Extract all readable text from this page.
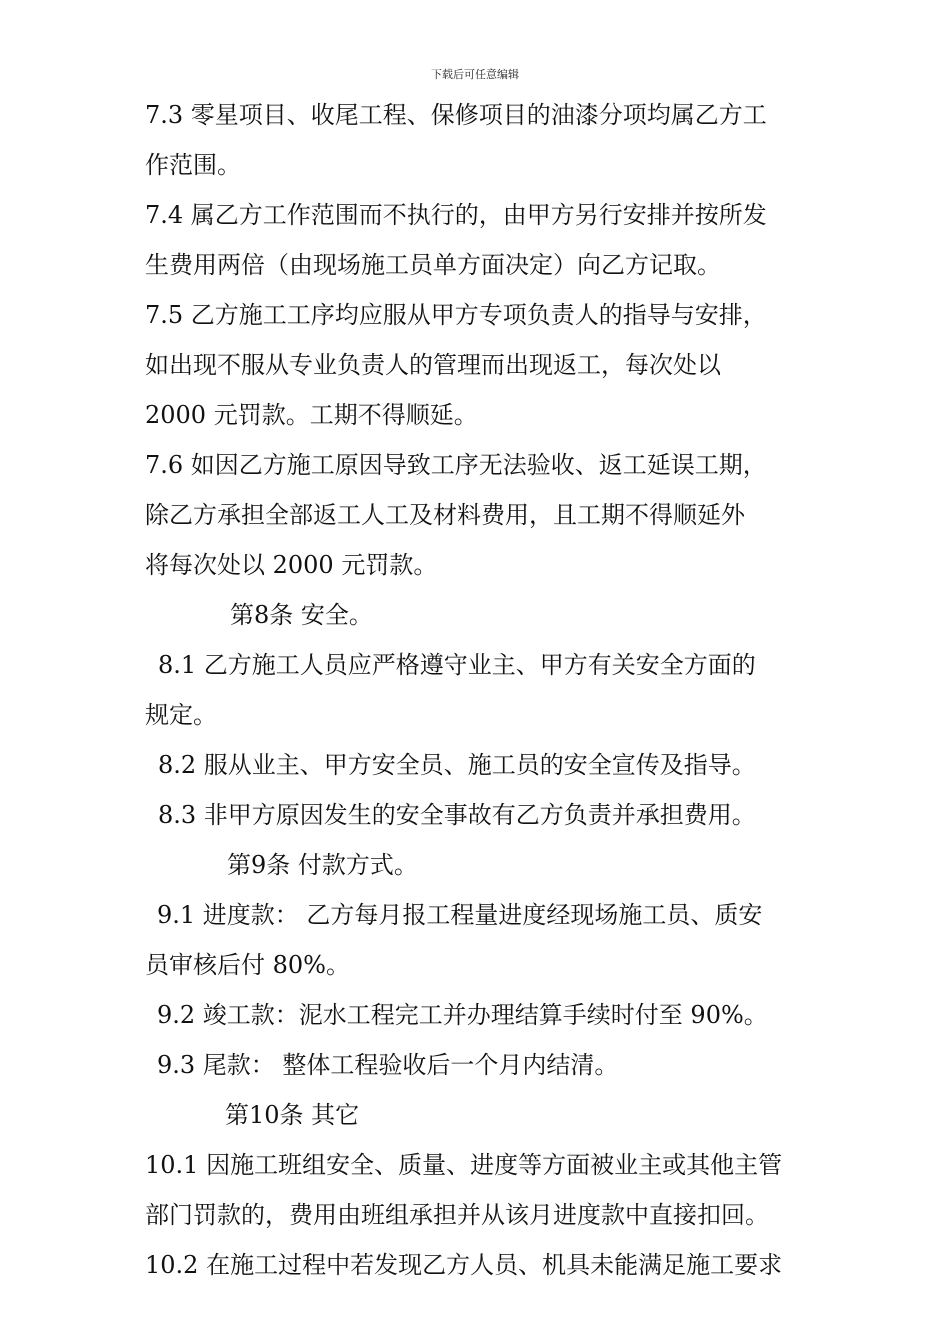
下载后可任意编辑
7.3 零星项目、收尾工程、保修项目的油漆分项均属乙方工
作范围。
7.4 属乙方工作范围而不执行的，由甲方另行安排并按所发
生费用两倍（由现场施工员单方面决定）向乙方记取。
7.5 乙方施工工序均应服从甲方专项负责人的指导与安排，
如出现不服从专业负责人的管理而出现返工，每次处以
2000 元罚款。工期不得顺延。
7.6 如因乙方施工原因导致工序无法验收、返工延误工期，
除乙方承担全部返工人工及材料费用，且工期不得顺延外
将每次处以 2000 元罚款。
第8条 安全。
8.1 乙方施工人员应严格遵守业主、甲方有关安全方面的
规定。
8.2 服从业主、甲方安全员、施工员的安全宣传及指导。
8.3 非甲方原因发生的安全事故有乙方负责并承担费用。
第9条 付款方式。
9.1 进度款： 乙方每月报工程量进度经现场施工员、质安
员审核后付 80%。
9.2 竣工款：泥水工程完工并办理结算手续时付至 90%。
9.3 尾款： 整体工程验收后一个月内结清。
第10条 其它
10.1 因施工班组安全、质量、进度等方面被业主或其他主管
部门罚款的，费用由班组承担并从该月进度款中直接扣回。
10.2 在施工过程中若发现乙方人员、机具未能满足施工要求
